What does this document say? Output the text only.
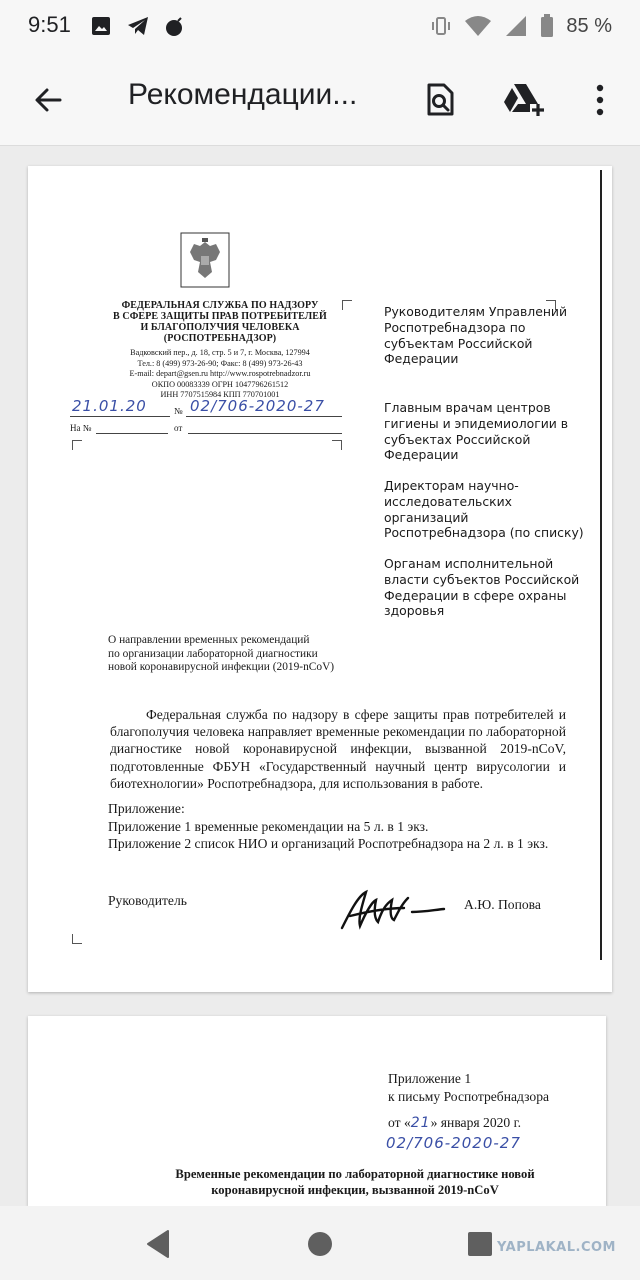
9:51	85 %
Рекомендации...
ФЕДЕРАЛЬНАЯ СЛУЖБА ПО НАДЗОРУ
В СФЕРЕ ЗАЩИТЫ ПРАВ ПОТРЕБИТЕЛЕЙ
И БЛАГОПОЛУЧИЯ ЧЕЛОВЕКА
(РОСПОТРЕБНАДЗОР)
Вадковский пер., д. 18, стр. 5 и 7, г. Москва, 127994
Тел.: 8 (499) 973-26-90; Факс: 8 (499) 973-26-43
E-mail: depart@gsen.ru http://www.rospotrebnadzor.ru
ОКПО 00083339 ОГРН 1047796261512
ИНН 7707515984 КПП 770701001
21.01.20	№ 02/706-2020-27
На №	от
Руководителям Управлений
Роспотребнадзора по
субъектам Российской
Федерации
Главным врачам центров
гигиены и эпидемиологии в
субъектах Российской
Федерации
Директорам научно-
исследовательских
организаций
Роспотребнадзора (по списку)
Органам исполнительной
власти субъектов Российской
Федерации в сфере охраны
здоровья
О направлении временных рекомендаций
по организации лабораторной диагностики
новой коронавирусной инфекции (2019-nCoV)
Федеральная служба по надзору в сфере защиты прав потребителей и
благополучия человека направляет временные рекомендации по лабораторной
диагностике новой коронавирусной инфекции, вызванной 2019-nCoV,
подготовленные ФБУН «Государственный научный центр вирусологии и
биотехнологии» Роспотребнадзора, для использования в работе.
Приложение:
Приложение 1 временные рекомендации на 5 л. в 1 экз.
Приложение 2 список НИО и организаций Роспотребнадзора на 2 л. в 1 экз.
Руководитель	А.Ю. Попова
Приложение 1
к письму Роспотребнадзора
от «21» января 2020 г.
02/706-2020-27
Временные рекомендации по лабораторной диагностике новой
коронавирусной инфекции, вызванной 2019-nCoV
YAPLAKAL.COM
